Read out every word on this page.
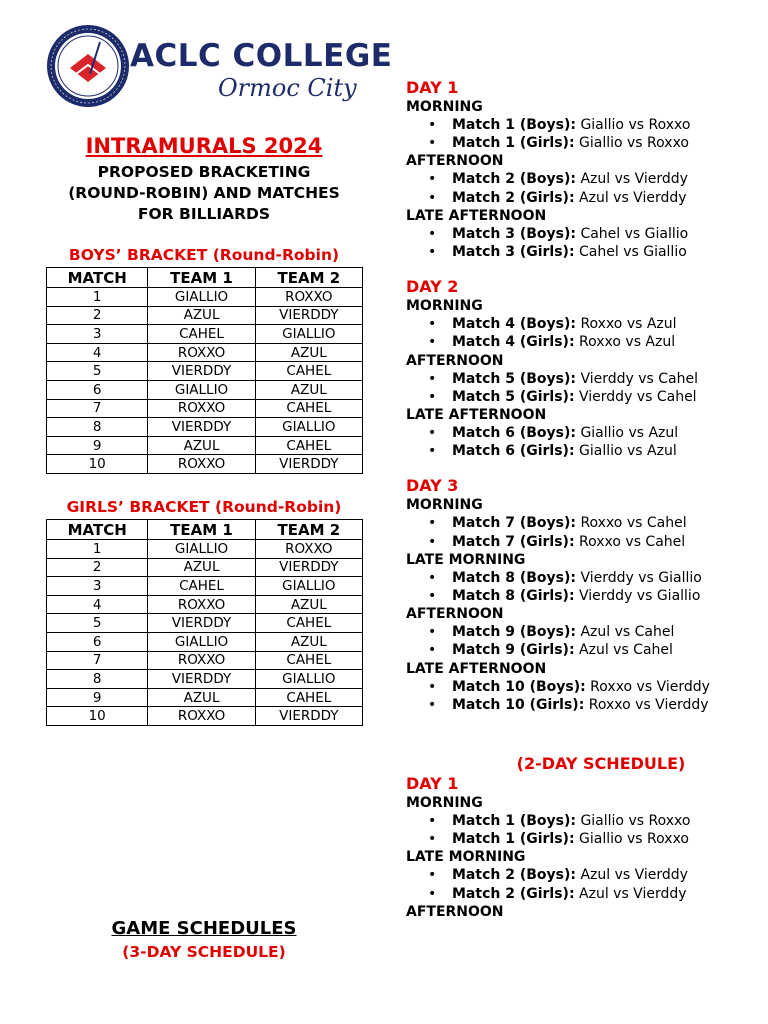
ACLC COLLEGE
Ormoc City
INTRAMURALS 2024
PROPOSED BRACKETING
(ROUND-ROBIN) AND MATCHES
FOR BILLIARDS
BOYS’ BRACKET (Round-Robin)
MATCH	TEAM 1	TEAM 2
1	GIALLIO	ROXXO
2	AZUL	VIERDDY
3	CAHEL	GIALLIO
4	ROXXO	AZUL
5	VIERDDY	CAHEL
6	GIALLIO	AZUL
7	ROXXO	CAHEL
8	VIERDDY	GIALLIO
9	AZUL	CAHEL
10	ROXXO	VIERDDY
GIRLS’ BRACKET (Round-Robin)
MATCH	TEAM 1	TEAM 2
1	GIALLIO	ROXXO
2	AZUL	VIERDDY
3	CAHEL	GIALLIO
4	ROXXO	AZUL
5	VIERDDY	CAHEL
6	GIALLIO	AZUL
7	ROXXO	CAHEL
8	VIERDDY	GIALLIO
9	AZUL	CAHEL
10	ROXXO	VIERDDY
GAME SCHEDULES
(3-DAY SCHEDULE)
DAY 1
MORNING
• Match 1 (Boys): Giallio vs Roxxo
• Match 1 (Girls): Giallio vs Roxxo
AFTERNOON
• Match 2 (Boys): Azul vs Vierddy
• Match 2 (Girls): Azul vs Vierddy
LATE AFTERNOON
• Match 3 (Boys): Cahel vs Giallio
• Match 3 (Girls): Cahel vs Giallio
DAY 2
MORNING
• Match 4 (Boys): Roxxo vs Azul
• Match 4 (Girls): Roxxo vs Azul
AFTERNOON
• Match 5 (Boys): Vierddy vs Cahel
• Match 5 (Girls): Vierddy vs Cahel
LATE AFTERNOON
• Match 6 (Boys): Giallio vs Azul
• Match 6 (Girls): Giallio vs Azul
DAY 3
MORNING
• Match 7 (Boys): Roxxo vs Cahel
• Match 7 (Girls): Roxxo vs Cahel
LATE MORNING
• Match 8 (Boys): Vierddy vs Giallio
• Match 8 (Girls): Vierddy vs Giallio
AFTERNOON
• Match 9 (Boys): Azul vs Cahel
• Match 9 (Girls): Azul vs Cahel
LATE AFTERNOON
• Match 10 (Boys): Roxxo vs Vierddy
• Match 10 (Girls): Roxxo vs Vierddy
(2-DAY SCHEDULE)
DAY 1
MORNING
• Match 1 (Boys): Giallio vs Roxxo
• Match 1 (Girls): Giallio vs Roxxo
LATE MORNING
• Match 2 (Boys): Azul vs Vierddy
• Match 2 (Girls): Azul vs Vierddy
AFTERNOON
